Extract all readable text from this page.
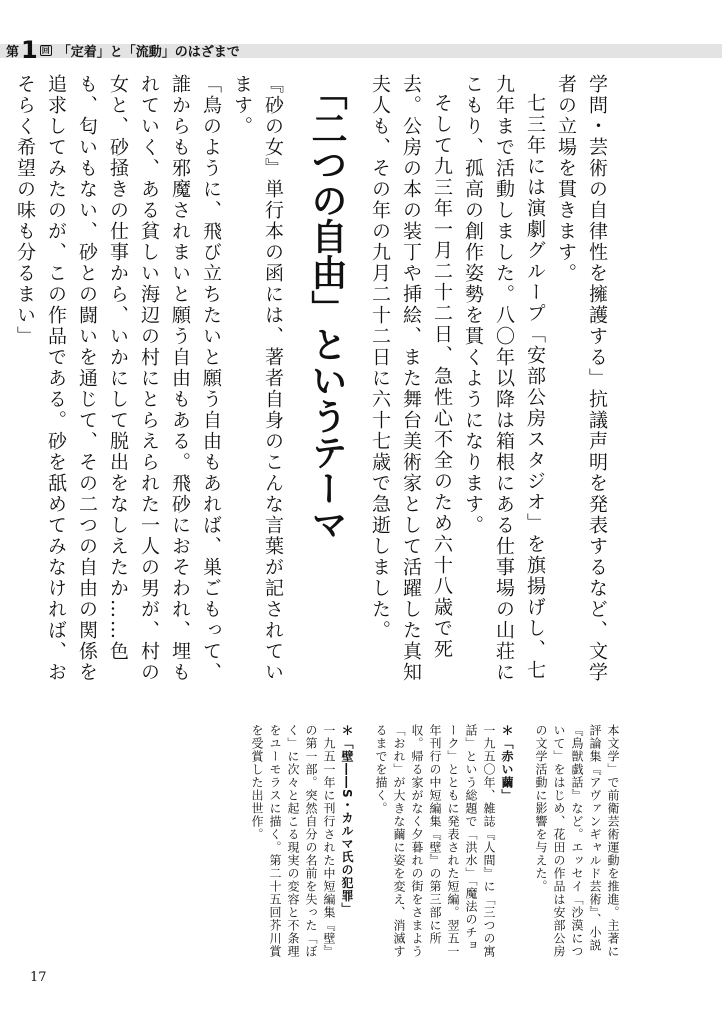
第 1 回 「定着」と「流動」のはざまで

学問・芸術の自律性を擁護する」抗議声明を発表するなど、文学者の立場を貫きます。

七三年には演劇グループ「安部公房スタジオ」を旗揚げし、七九年まで活動しました。八〇年以降は箱根にある仕事場の山荘にこもり、孤高の創作姿勢を貫くようになります。

そして九三年一月二十二日、急性心不全のため六十八歳で死去。公房の本の装丁や挿絵、また舞台美術家として活躍した真知夫人も、その年の九月二十二日に六十七歳で急逝しました。

「二つの自由」というテーマ

『砂の女』単行本の函には、著者自身のこんな言葉が記されています。

「鳥のように、飛び立ちたいと願う自由もあれば、巣ごもって、誰からも邪魔されまいと願う自由もある。飛砂におそわれ、埋もれていく、ある貧しい海辺の村にとらえられた一人の男が、村の女と、砂掻きの仕事から、いかにして脱出をなしえたか……色も、匂いもない、砂との闘いを通じて、その二つの自由の関係を追求してみたのが、この作品である。砂を舐めてみなければ、おそらく希望の味も分るまい」

本文学」で前衛芸術運動を推進。主著に評論集『アヴァンギャルド芸術』、小説『鳥獣戯話』など。エッセイ「沙漠について」をはじめ、花田の作品は安部公房の文学活動に影響を与えた。

＊「赤い繭」

一九五〇年、雑誌『人間』に「三つの寓話」という総題で「洪水」「魔法のチョーク」とともに発表された短編。翌五一年刊行の中短編集『壁』の第三部に所収。帰る家がなく夕暮れの街をさまよう「おれ」が大きな繭に姿を変え、消滅するまでを描く。

＊「壁――S・カルマ氏の犯罪」

一九五一年に刊行された中短編集『壁』の第一部。突然自分の名前を失った「ぼく」に次々と起こる現実の変容と不条理をユーモラスに描く。第二十五回芥川賞を受賞した出世作。

17
